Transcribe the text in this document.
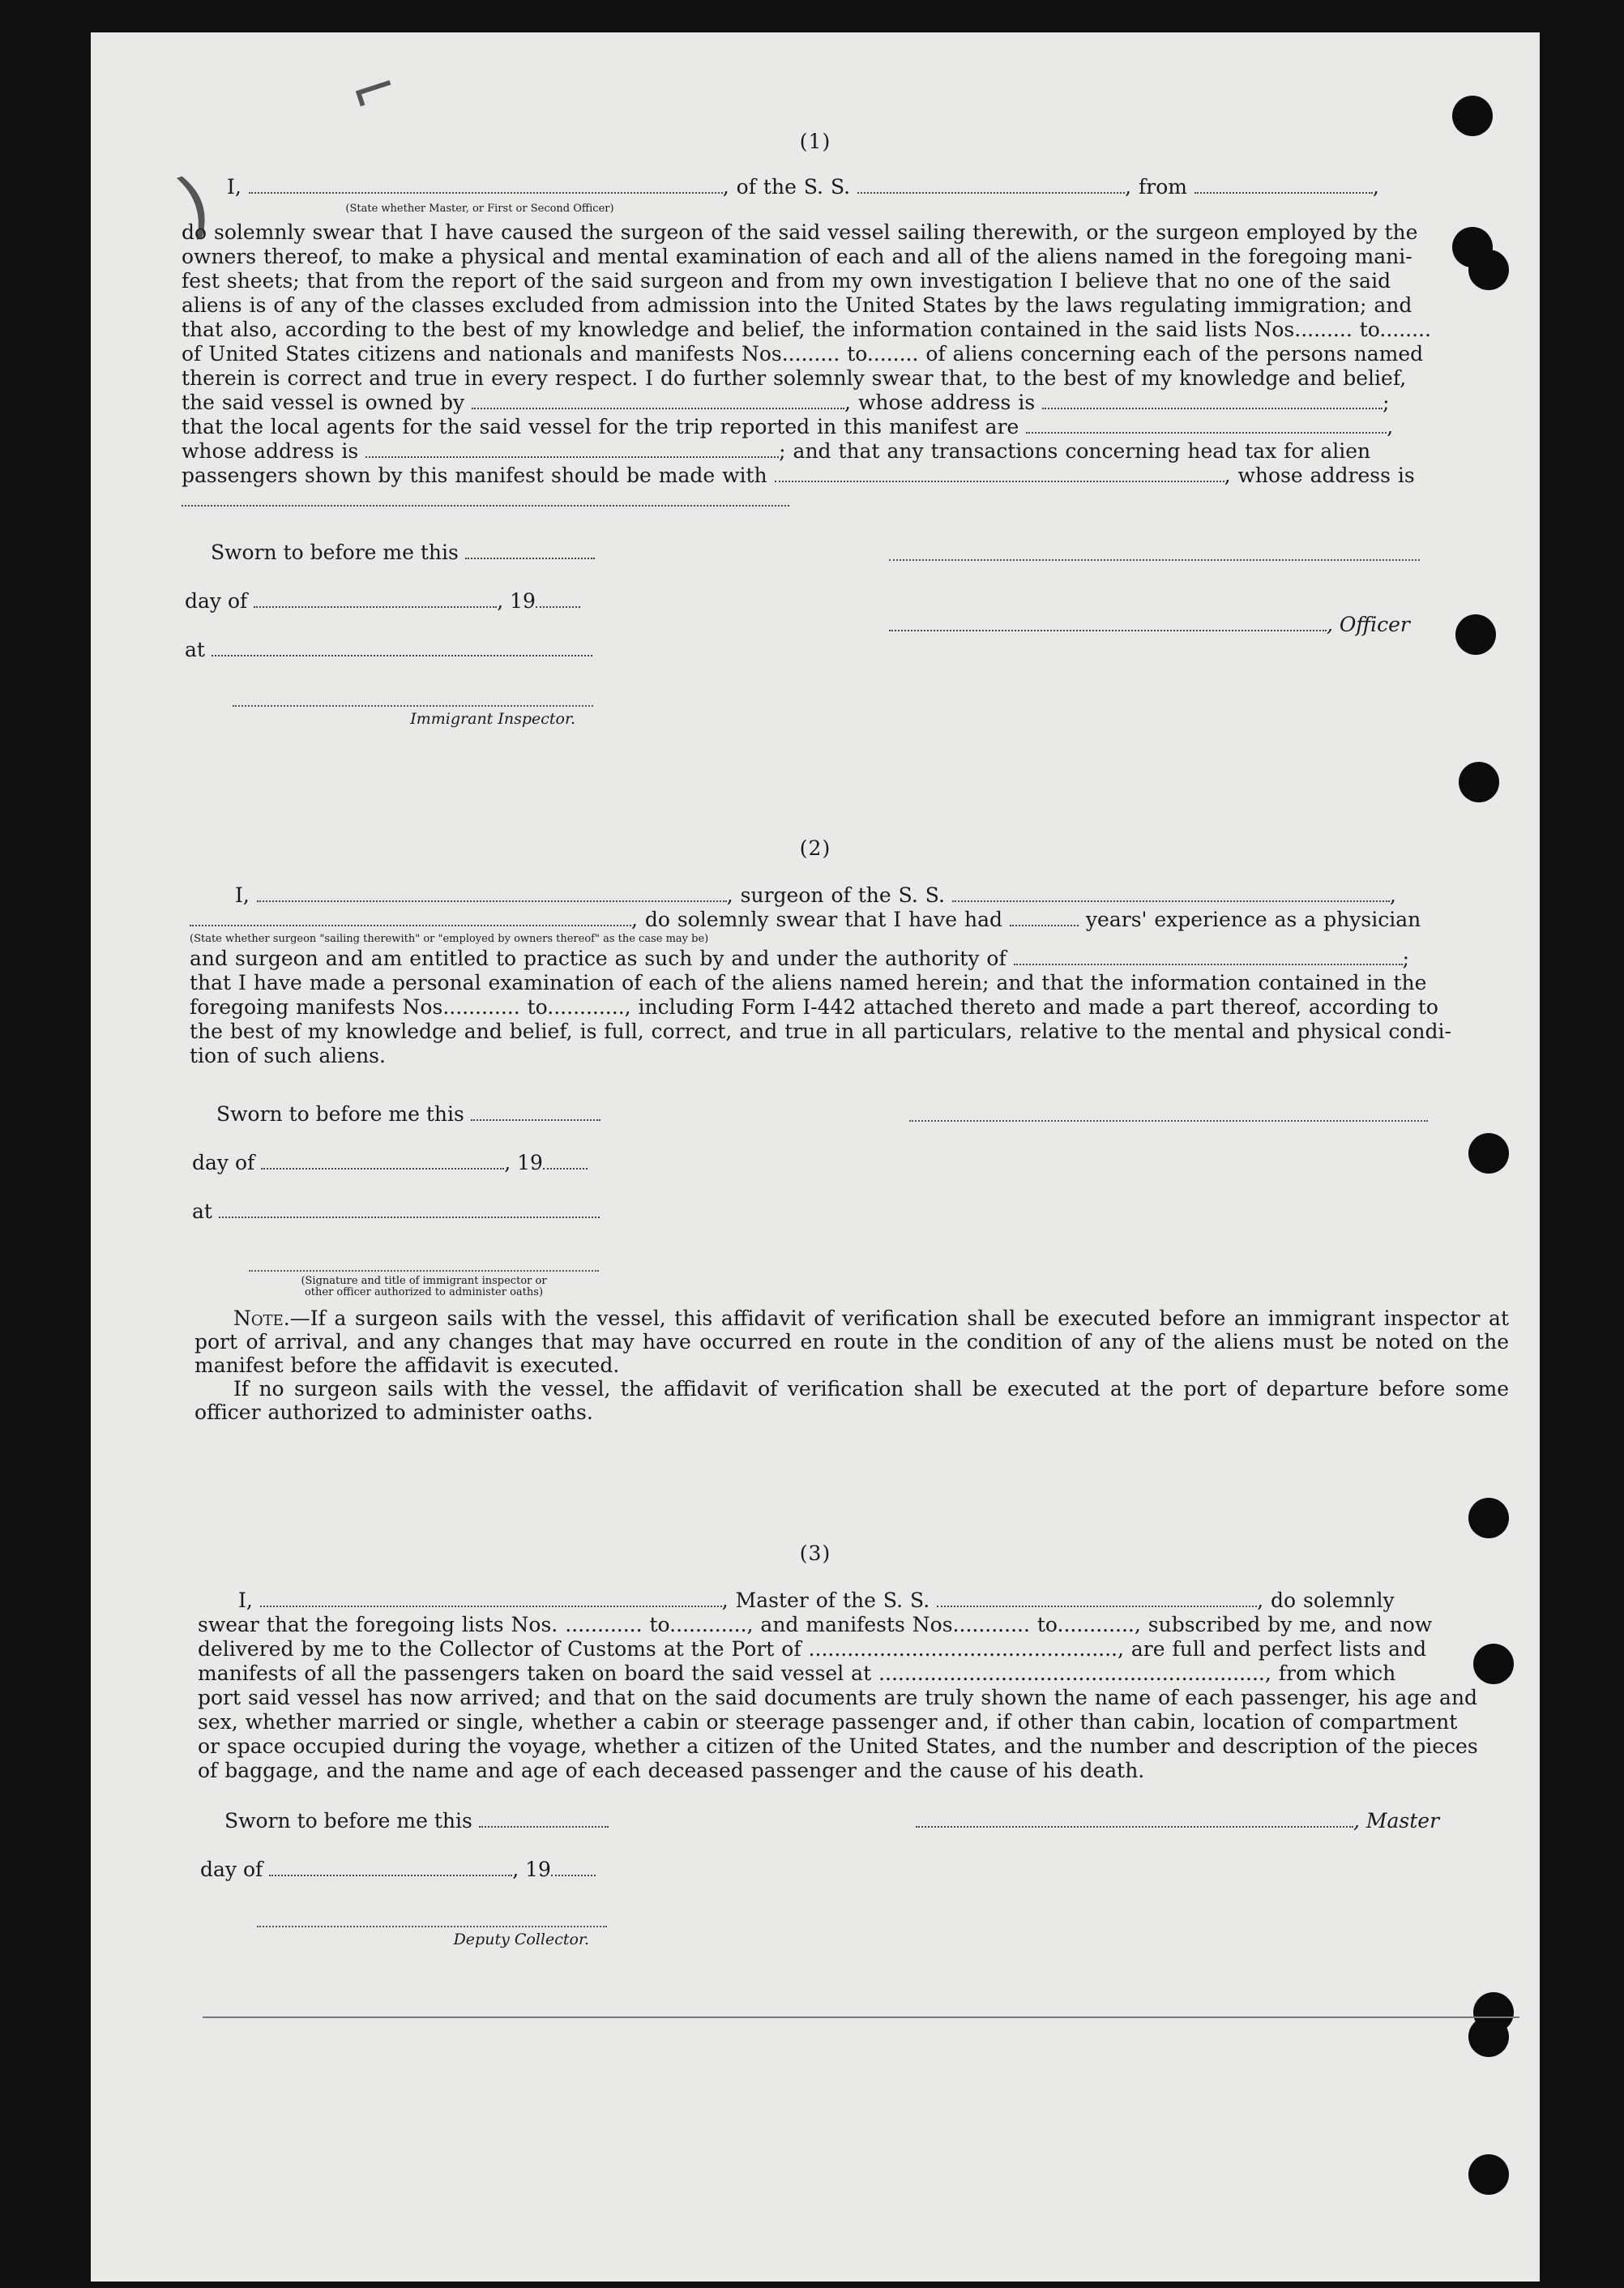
⌐
)
(1)
I,	, of the S. S.	, from	,
(State whether Master, or First or Second Officer)
do solemnly swear that I have caused the surgeon of the said vessel sailing therewith, or the surgeon employed by the
owners thereof, to make a physical and mental examination of each and all of the aliens named in the foregoing mani-
fest sheets; that from the report of the said surgeon and from my own investigation I believe that no one of the said
aliens is of any of the classes excluded from admission into the United States by the laws regulating immigration; and
that also, according to the best of my knowledge and belief, the information contained in the said lists Nos......... to........
of United States citizens and nationals and manifests Nos......... to........ of aliens concerning each of the persons named
therein is correct and true in every respect. I do further solemnly swear that, to the best of my knowledge and belief,
the said vessel is owned by	, whose address is	;
that the local agents for the said vessel for the trip reported in this manifest are	,
whose address is	; and that any transactions concerning head tax for alien
passengers shown by this manifest should be made with	, whose address is
Sworn to before me this
day of	, 19
, Officer
at
Immigrant Inspector.
(2)
I,	, surgeon of the S. S.	,
, do solemnly swear that I have had	years' experience as a physician
(State whether surgeon "sailing therewith" or "employed by owners thereof" as the case may be)
and surgeon and am entitled to practice as such by and under the authority of	;
that I have made a personal examination of each of the aliens named herein; and that the information contained in the
foregoing manifests Nos............ to............, including Form I-442 attached thereto and made a part thereof, according to
the best of my knowledge and belief, is full, correct, and true in all particulars, relative to the mental and physical condi-
tion of such aliens.
Sworn to before me this
day of	, 19
at
(Signature and title of immigrant inspector or
other officer authorized to administer oaths)
Note.—If a surgeon sails with the vessel, this affidavit of verification shall be executed before an immigrant inspector at port of arrival, and any changes that may have occurred en route in the condition of any of the aliens must be noted on the manifest before the affidavit is executed.
If no surgeon sails with the vessel, the affidavit of verification shall be executed at the port of departure before some officer authorized to administer oaths.
(3)
I,	, Master of the S. S.	, do solemnly
swear that the foregoing lists Nos. ............ to............, and manifests Nos............ to............, subscribed by me, and now
delivered by me to the Collector of Customs at the Port of ................................................, are full and perfect lists and
manifests of all the passengers taken on board the said vessel at ............................................................, from which
port said vessel has now arrived; and that on the said documents are truly shown the name of each passenger, his age and
sex, whether married or single, whether a cabin or steerage passenger and, if other than cabin, location of compartment
or space occupied during the voyage, whether a citizen of the United States, and the number and description of the pieces
of baggage, and the name and age of each deceased passenger and the cause of his death.
Sworn to before me this	, Master
day of	, 19
Deputy Collector.
